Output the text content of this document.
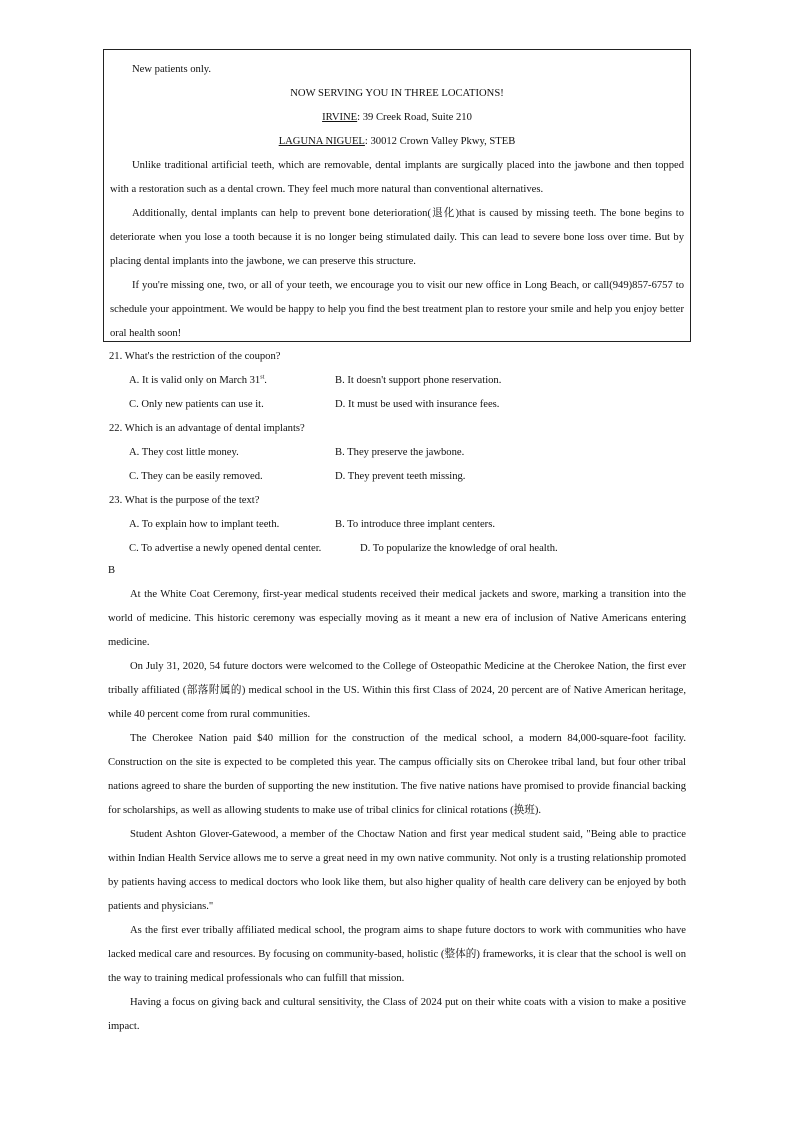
New patients only.

NOW SERVING YOU IN THREE LOCATIONS!

IRVINE: 39 Creek Road, Suite 210

LAGUNA NIGUEL: 30012 Crown Valley Pkwy, STEB

Unlike traditional artificial teeth, which are removable, dental implants are surgically placed into the jawbone and then topped with a restoration such as a dental crown. They feel much more natural than conventional alternatives.

Additionally, dental implants can help to prevent bone deterioration(退化)that is caused by missing teeth. The bone begins to deteriorate when you lose a tooth because it is no longer being stimulated daily. This can lead to severe bone loss over time. But by placing dental implants into the jawbone, we can preserve this structure.

If you're missing one, two, or all of your teeth, we encourage you to visit our new office in Long Beach, or call(949)857-6757 to schedule your appointment. We would be happy to help you find the best treatment plan to restore your smile and help you enjoy better oral health soon!

21. What's the restriction of the coupon?

A. It is valid only on March 31st.	B. It doesn't support phone reservation.
C. Only new patients can use it.	D. It must be used with insurance fees.

22. Which is an advantage of dental implants?

A. They cost little money.	B. They preserve the jawbone.
C. They can be easily removed.	D. They prevent teeth missing.

23. What is the purpose of the text?

A. To explain how to implant teeth.	B. To introduce three implant centers.
C. To advertise a newly opened dental center.	D. To popularize the knowledge of oral health.

B

At the White Coat Ceremony, first-year medical students received their medical jackets and swore, marking a transition into the world of medicine. This historic ceremony was especially moving as it meant a new era of inclusion of Native Americans entering medicine.

On July 31, 2020, 54 future doctors were welcomed to the College of Osteopathic Medicine at the Cherokee Nation, the first ever tribally affiliated (部落附属的) medical school in the US. Within this first Class of 2024, 20 percent are of Native American heritage, while 40 percent come from rural communities.

The Cherokee Nation paid $40 million for the construction of the medical school, a modern 84,000-square-foot facility. Construction on the site is expected to be completed this year. The campus officially sits on Cherokee tribal land, but four other tribal nations agreed to share the burden of supporting the new institution. The five native nations have promised to provide financial backing for scholarships, as well as allowing students to make use of tribal clinics for clinical rotations (换班).

Student Ashton Glover-Gatewood, a member of the Choctaw Nation and first year medical student said, "Being able to practice within Indian Health Service allows me to serve a great need in my own native community. Not only is a trusting relationship promoted by patients having access to medical doctors who look like them, but also higher quality of health care delivery can be enjoyed by both patients and physicians."

As the first ever tribally affiliated medical school, the program aims to shape future doctors to work with communities who have lacked medical care and resources. By focusing on community-based, holistic (整体的) frameworks, it is clear that the school is well on the way to training medical professionals who can fulfill that mission.

Having a focus on giving back and cultural sensitivity, the Class of 2024 put on their white coats with a vision to make a positive impact.
